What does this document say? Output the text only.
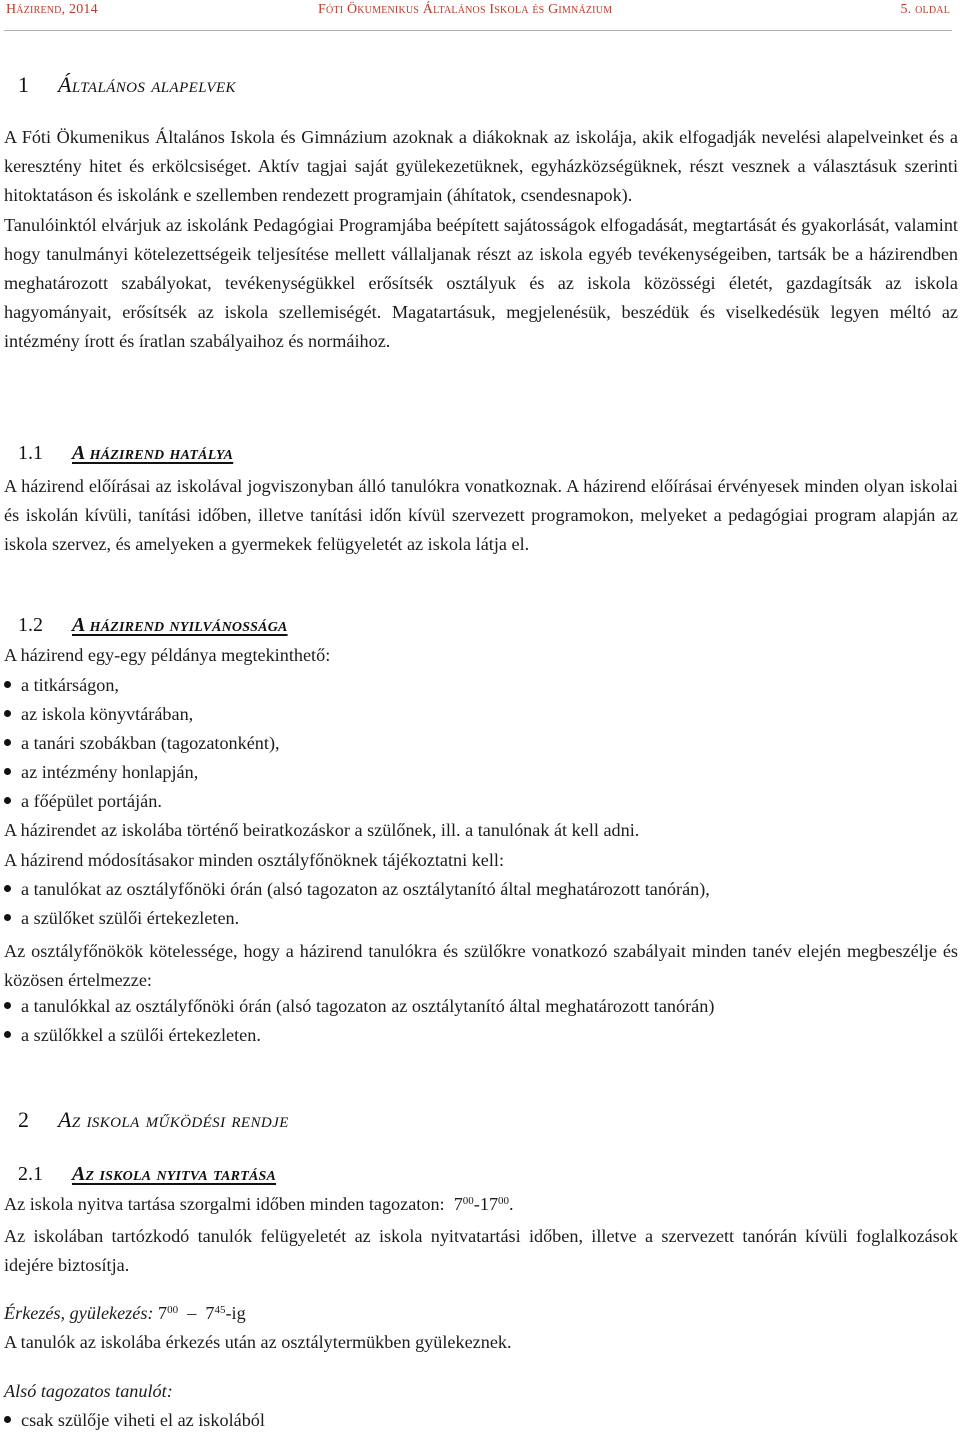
Házirend, 2014	Fóti Ökumenikus Általános Iskola és Gimnázium	5. oldal
1 Általános alapelvek

A Fóti Ökumenikus Általános Iskola és Gimnázium azoknak a diákoknak az iskolája, akik elfogadják nevelési alapelveinket és a keresztény hitet és erkölcsiséget. Aktív tagjai saját gyülekezetüknek, egyházközségüknek, részt vesznek a választásuk szerinti hitoktatáson és iskolánk e szellemben rendezett programjain (áhítatok, csendesnapok).

Tanulóinktól elvárjuk az iskolánk Pedagógiai Programjába beépített sajátosságok elfogadását, megtartását és gyakorlását, valamint hogy tanulmányi kötelezettségeik teljesítése mellett vállaljanak részt az iskola egyéb tevékenységeiben, tartsák be a házirendben meghatározott szabályokat, tevékenységükkel erősítsék osztályuk és az iskola közösségi életét, gazdagítsák az iskola hagyományait, erősítsék az iskola szellemiségét. Magatartásuk, megjelenésük, beszédük és viselkedésük legyen méltó az intézmény írott és íratlan szabályaihoz és normáihoz.

1.1 A házirend hatálya

A házirend előírásai az iskolával jogviszonyban álló tanulókra vonatkoznak. A házirend előírásai érvényesek minden olyan iskolai és iskolán kívüli, tanítási időben, illetve tanítási időn kívül szervezett programokon, melyeket a pedagógiai program alapján az iskola szervez, és amelyeken a gyermekek felügyeletét az iskola látja el.

1.2 A házirend nyilvánossága
A házirend egy-egy példánya megtekinthető:
a titkárságon,
az iskola könyvtárában,
a tanári szobákban (tagozatonként),
az intézmény honlapján,
a főépület portáján.
A házirendet az iskolába történő beiratkozáskor a szülőnek, ill. a tanulónak át kell adni.
A házirend módosításakor minden osztályfőnöknek tájékoztatni kell:
a tanulókat az osztályfőnöki órán (alsó tagozaton az osztálytanító által meghatározott tanórán),
a szülőket szülői értekezleten.

Az osztályfőnökök kötelessége, hogy a házirend tanulókra és szülőkre vonatkozó szabályait minden tanév elején megbeszélje és közösen értelmezze:

a tanulókkal az osztályfőnöki órán (alsó tagozaton az osztálytanító által meghatározott tanórán)
a szülőkkel a szülői értekezleten.
2 Az iskola működési rendje
2.1 Az iskola nyitva tartása
Az iskola nyitva tartása szorgalmi időben minden tagozaton: $7^{00}-17^{00}$.

Az iskolában tartózkodó tanulók felügyeletét az iskola nyitvatartási időben, illetve a szervezett tanórán kívüli foglalkozások idejére biztosítja.

Érkezés, gyülekezés: $7^{00} - 7^{45}-ig$
A tanulók az iskolába érkezés után az osztálytermükben gyülekeznek.
Alsó tagozatos tanulót:
csak szülője viheti el az iskolából
